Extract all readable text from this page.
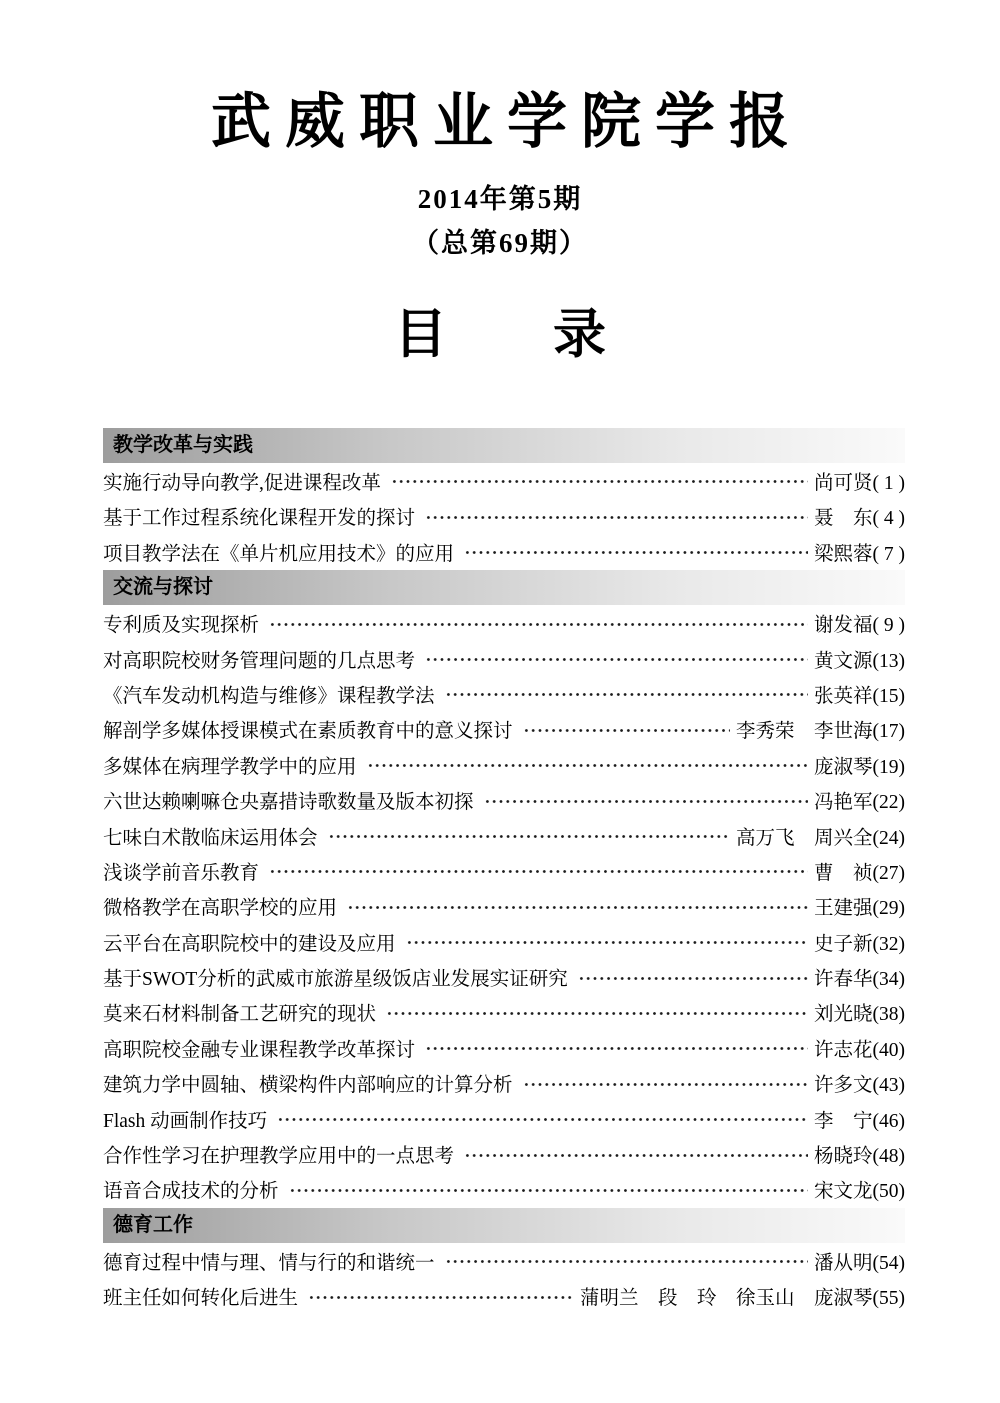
武威职业学院学报
2014年第5期
（总第69期）
目　　录
教学改革与实践
实施行动导向教学,促进课程改革	尚可贤( 1 )
基于工作过程系统化课程开发的探讨	聂　东( 4 )
项目教学法在《单片机应用技术》的应用	梁熙蓉( 7 )
交流与探讨
专利质及实现探析	谢发福( 9 )
对高职院校财务管理问题的几点思考	黄文源(13)
《汽车发动机构造与维修》课程教学法	张英祥(15)
解剖学多媒体授课模式在素质教育中的意义探讨	李秀荣　李世海(17)
多媒体在病理学教学中的应用	庞淑琴(19)
六世达赖喇嘛仓央嘉措诗歌数量及版本初探	冯艳军(22)
七味白术散临床运用体会	高万飞　周兴全(24)
浅谈学前音乐教育	曹　祯(27)
微格教学在高职学校的应用	王建强(29)
云平台在高职院校中的建设及应用	史子新(32)
基于SWOT分析的武威市旅游星级饭店业发展实证研究	许春华(34)
莫来石材料制备工艺研究的现状	刘光晓(38)
高职院校金融专业课程教学改革探讨	许志花(40)
建筑力学中圆轴、横梁构件内部响应的计算分析	许多文(43)
Flash 动画制作技巧	李　宁(46)
合作性学习在护理教学应用中的一点思考	杨晓玲(48)
语音合成技术的分析	宋文龙(50)
德育工作
德育过程中情与理、情与行的和谐统一	潘从明(54)
班主任如何转化后进生	蒲明兰　段　玲　徐玉山　庞淑琴(55)
